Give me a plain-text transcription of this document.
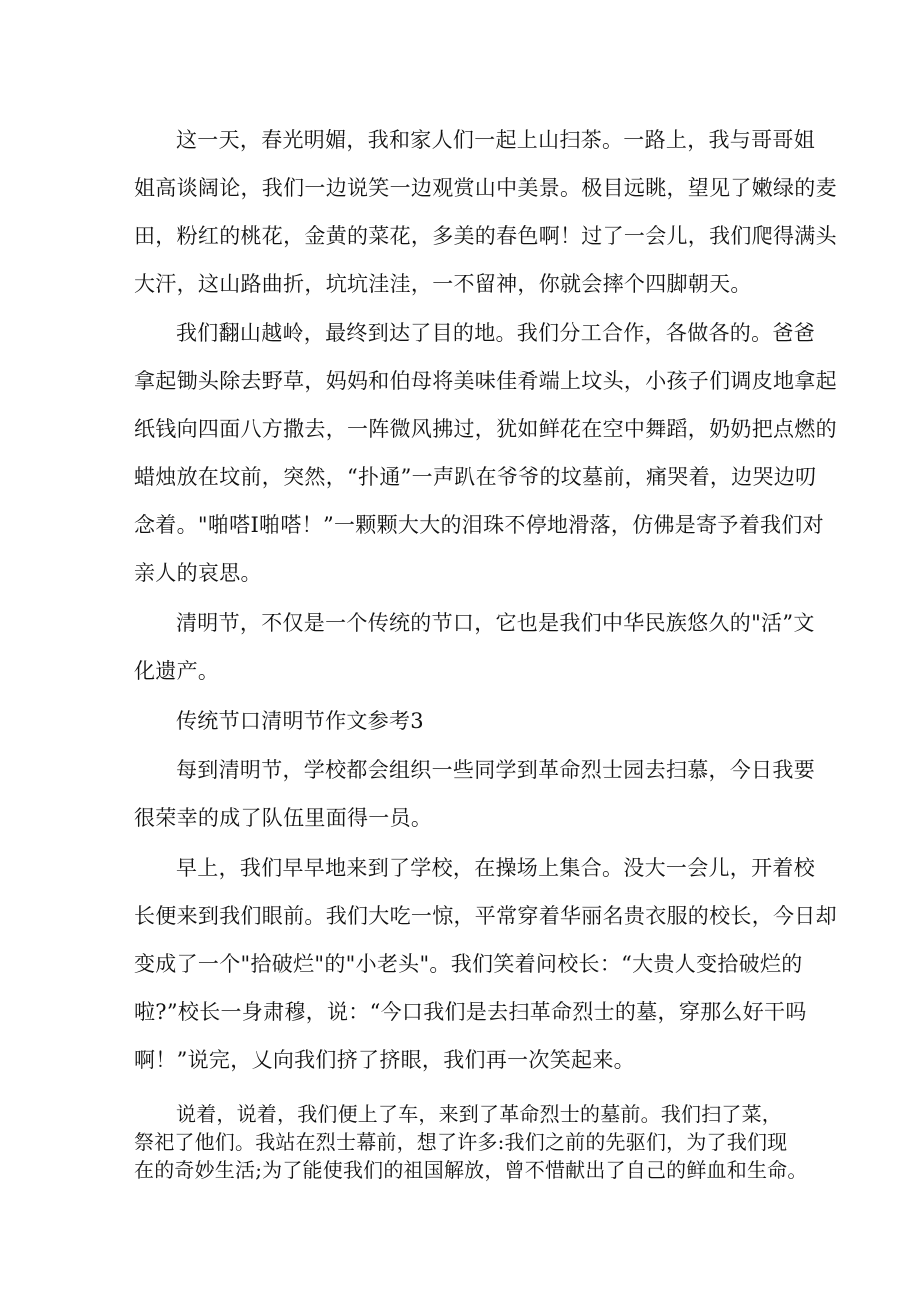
这一天，春光明媚，我和家人们一起上山扫茶。一路上，我与哥哥姐
姐高谈阔论，我们一边说笑一边观赏山中美景。极目远眺，望见了嫩绿的麦
田，粉红的桃花，金黄的菜花，多美的春色啊！过了一会儿，我们爬得满头
大汗，这山路曲折，坑坑洼洼，一不留神，你就会摔个四脚朝天。
我们翻山越岭，最终到达了目的地。我们分工合作，各做各的。爸爸
拿起锄头除去野草，妈妈和伯母将美味佳肴端上坟头，小孩子们调皮地拿起
纸钱向四面八方撒去，一阵微风拂过，犹如鲜花在空中舞蹈，奶奶把点燃的
蜡烛放在坟前，突然，“扑通”一声趴在爷爷的坟墓前，痛哭着，边哭边叨
念着。"啪嗒I啪嗒！”一颗颗大大的泪珠不停地滑落，仿佛是寄予着我们对
亲人的哀思。
清明节，不仅是一个传统的节口，它也是我们中华民族悠久的"活”文
化遗产。
传统节口清明节作文参考3
每到清明节，学校都会组织一些同学到革命烈士园去扫慕，今日我要
很荣幸的成了队伍里面得一员。
早上，我们早早地来到了学校，在操场上集合。没大一会儿，开着校
长便来到我们眼前。我们大吃一惊，平常穿着华丽名贵衣服的校长，今日却
变成了一个"拾破烂"的"小老头"。我们笑着问校长：“大贵人变拾破烂的
啦?”校长一身肃穆，说：“今口我们是去扫革命烈士的墓，穿那么好干吗
啊！”说完，乂向我们挤了挤眼，我们再一次笑起来。
说着，说着，我们便上了车，来到了革命烈士的墓前。我们扫了菜，
祭祀了他们。我站在烈士幕前，想了许多:我们之前的先驱们，为了我们现
在的奇妙生活;为了能使我们的祖国解放，曾不惜献出了自己的鲜血和生命。
